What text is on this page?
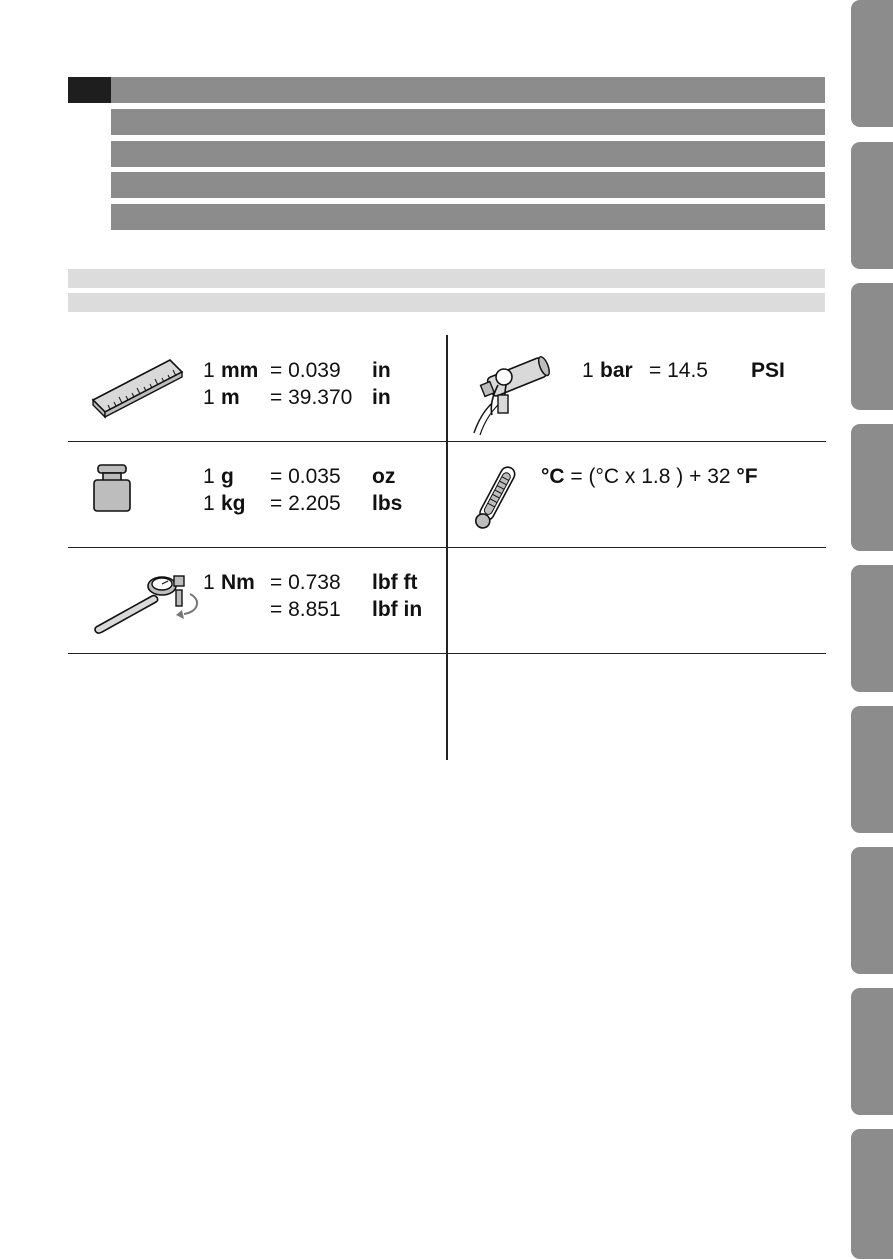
1 mm = 0.039 in
1 m = 39.370 in
1 bar = 14.5 PSI
1 g = 0.035 oz
1 kg = 2.205 lbs
°C = (°C x 1.8 ) + 32 °F
1 Nm = 0.738 lbf ft
= 8.851 lbf in
